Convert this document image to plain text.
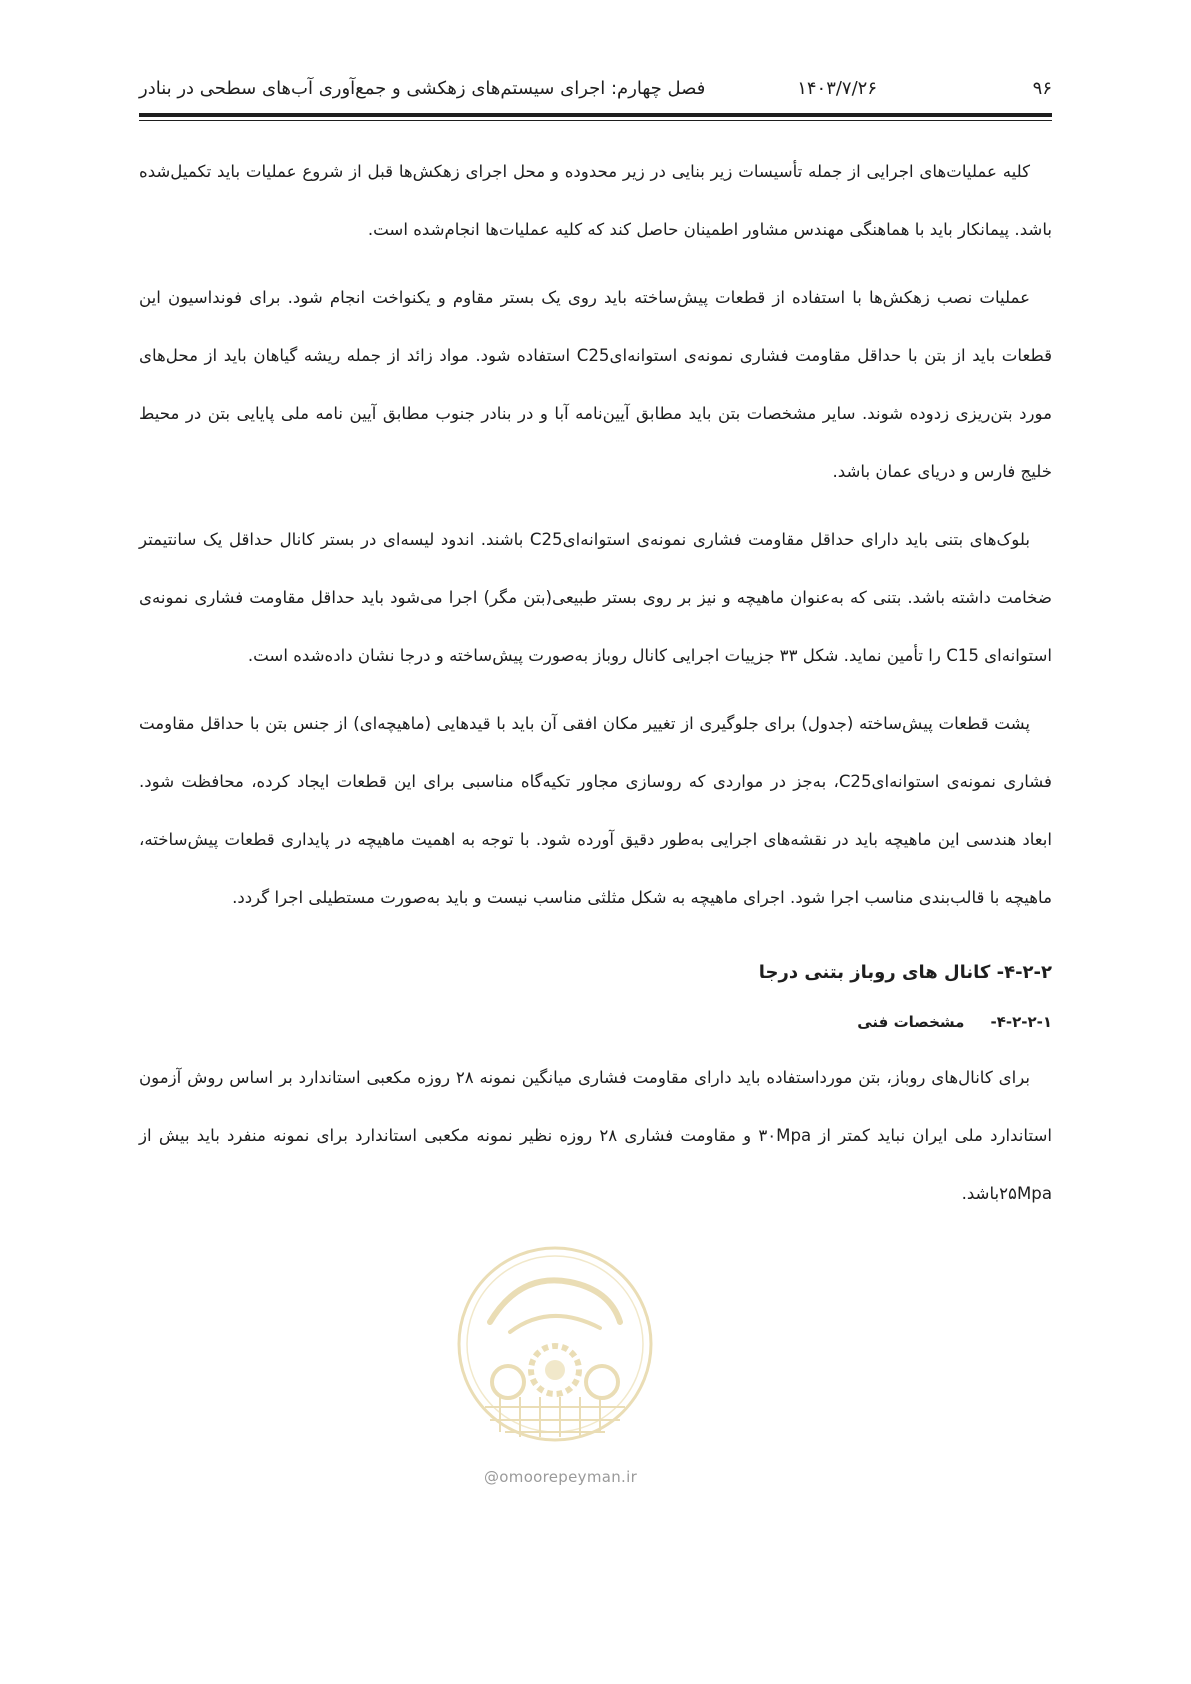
۹۶
۱۴۰۳/۷/۲۶
فصل چهارم: اجرای سیستم‌های زهکشی و جمع‌آوری آب‌های سطحی در بنادر

کلیه عملیات‌های اجرایی از جمله تأسیسات زیر بنایی در زیر محدوده و محل اجرای زهکش‌ها قبل از شروع عملیات باید تکمیل‌شده باشد. پیمانکار باید با هماهنگی مهندس مشاور اطمینان حاصل کند که کلیه عملیات‌ها انجام‌شده است.

عملیات نصب زهکش‌ها با استفاده از قطعات پیش‌ساخته باید روی یک بستر مقاوم و یکنواخت انجام شود. برای فونداسیون این قطعات باید از بتن با حداقل مقاومت فشاری نمونه‌ی استوانه‌ایC25 استفاده شود. مواد زائد از جمله ریشه گیاهان باید از محل‌های مورد بتن‌ریزی زدوده شوند. سایر مشخصات بتن باید مطابق آیین‌نامه آبا و در بنادر جنوب مطابق آیین نامه ملی پایایی بتن در محیط خلیج فارس و دریای عمان باشد.

بلوک‌های بتنی باید دارای حداقل مقاومت فشاری نمونه‌ی استوانه‌ایC25 باشند. اندود لیسه‌ای در بستر کانال حداقل یک سانتیمتر ضخامت داشته باشد. بتنی که به‌عنوان ماهیچه و نیز بر روی بستر طبیعی(بتن مگر) اجرا می‌شود باید حداقل مقاومت فشاری نمونه‌ی استوانه‌ای C15 را تأمین نماید. شکل ۳۳ جزییات اجرایی کانال روباز به‌صورت پیش‌ساخته و درجا نشان داده‌شده است.

پشت قطعات پیش‌ساخته (جدول) برای جلوگیری از تغییر مکان افقی آن باید با قیدهایی (ماهیچه‌ای) از جنس بتن با حداقل مقاومت فشاری نمونه‌ی استوانه‌ایC25، به‌جز در مواردی که روسازی مجاور تکیه‌گاه مناسبی برای این قطعات ایجاد کرده، محافظت شود. ابعاد هندسی این ماهیچه باید در نقشه‌های اجرایی به‌طور دقیق آورده شود. با توجه به اهمیت ماهیچه در پایداری قطعات پیش‌ساخته، ماهیچه با قالب‌بندی مناسب اجرا شود. اجرای ماهیچه به شکل مثلثی مناسب نیست و باید به‌صورت مستطیلی اجرا گردد.

۴-۲-۲- کانال های روباز بتنی درجا
۴-۲-۲-۱-مشخصات فنی

برای کانال‌های روباز، بتن مورداستفاده باید دارای مقاومت فشاری میانگین نمونه ۲۸ روزه مکعبی استاندارد بر اساس روش آزمون استاندارد ملی ایران نباید کمتر از ۳۰Mpa و مقاومت فشاری ۲۸ روزه نظیر نمونه مکعبی استاندارد برای نمونه منفرد باید بیش از ۲۵Mpaباشد.

@omoorepeyman.ir
